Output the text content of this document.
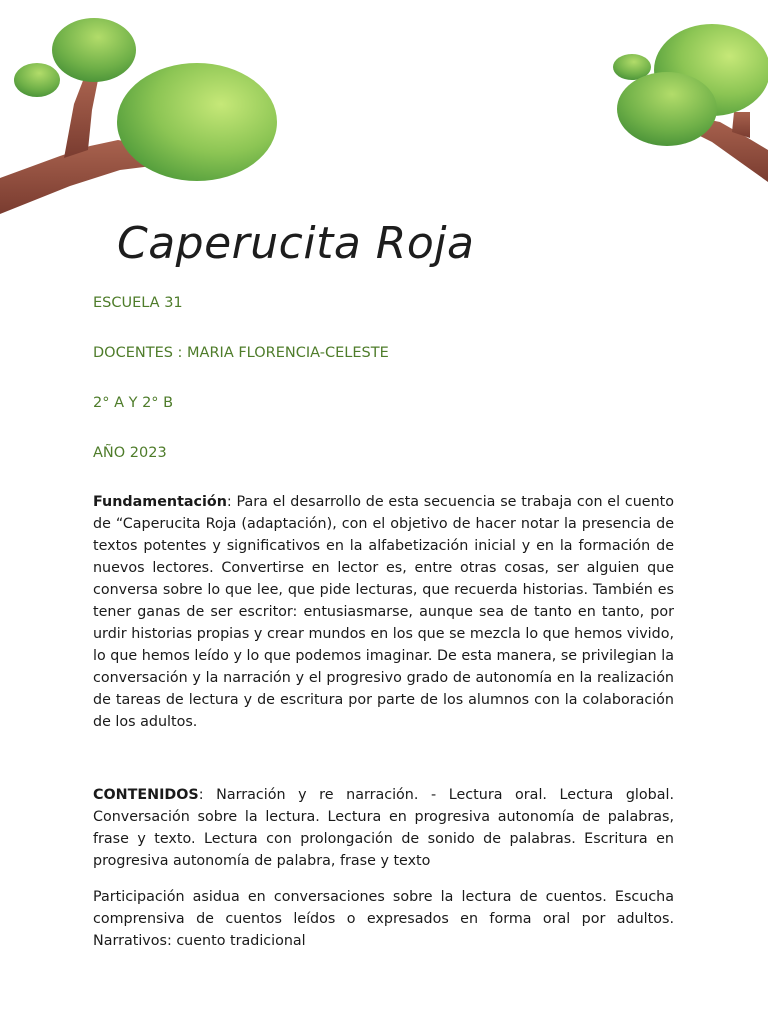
Caperucita Roja

ESCUELA 31

DOCENTES : MARIA FLORENCIA-CELESTE

2° A Y 2° B

AÑO 2023

Fundamentación: Para el desarrollo de esta secuencia se trabaja con el cuento de “Caperucita Roja (adaptación), con el objetivo de hacer notar la presencia de textos potentes y significativos en la alfabetización inicial y en la formación de nuevos lectores. Convertirse en lector es, entre otras cosas, ser alguien que conversa sobre lo que lee, que pide lecturas, que recuerda historias. También es tener ganas de ser escritor: entusiasmarse, aunque sea de tanto en tanto, por urdir historias propias y crear mundos en los que se mezcla lo que hemos vivido, lo que hemos leído y lo que podemos imaginar. De esta manera, se privilegian la conversación y la narración y el progresivo grado de autonomía en la realización de tareas de lectura y de escritura por parte de los alumnos con la colaboración de los adultos.

CONTENIDOS: Narración y re narración. - Lectura oral. Lectura global. Conversación sobre la lectura. Lectura en progresiva autonomía de palabras, frase y texto. Lectura con prolongación de sonido de palabras. Escritura en progresiva autonomía de palabra, frase y texto

Participación asidua en conversaciones sobre la lectura de cuentos. Escucha comprensiva de cuentos leídos o expresados en forma oral por adultos. Narrativos: cuento tradicional
